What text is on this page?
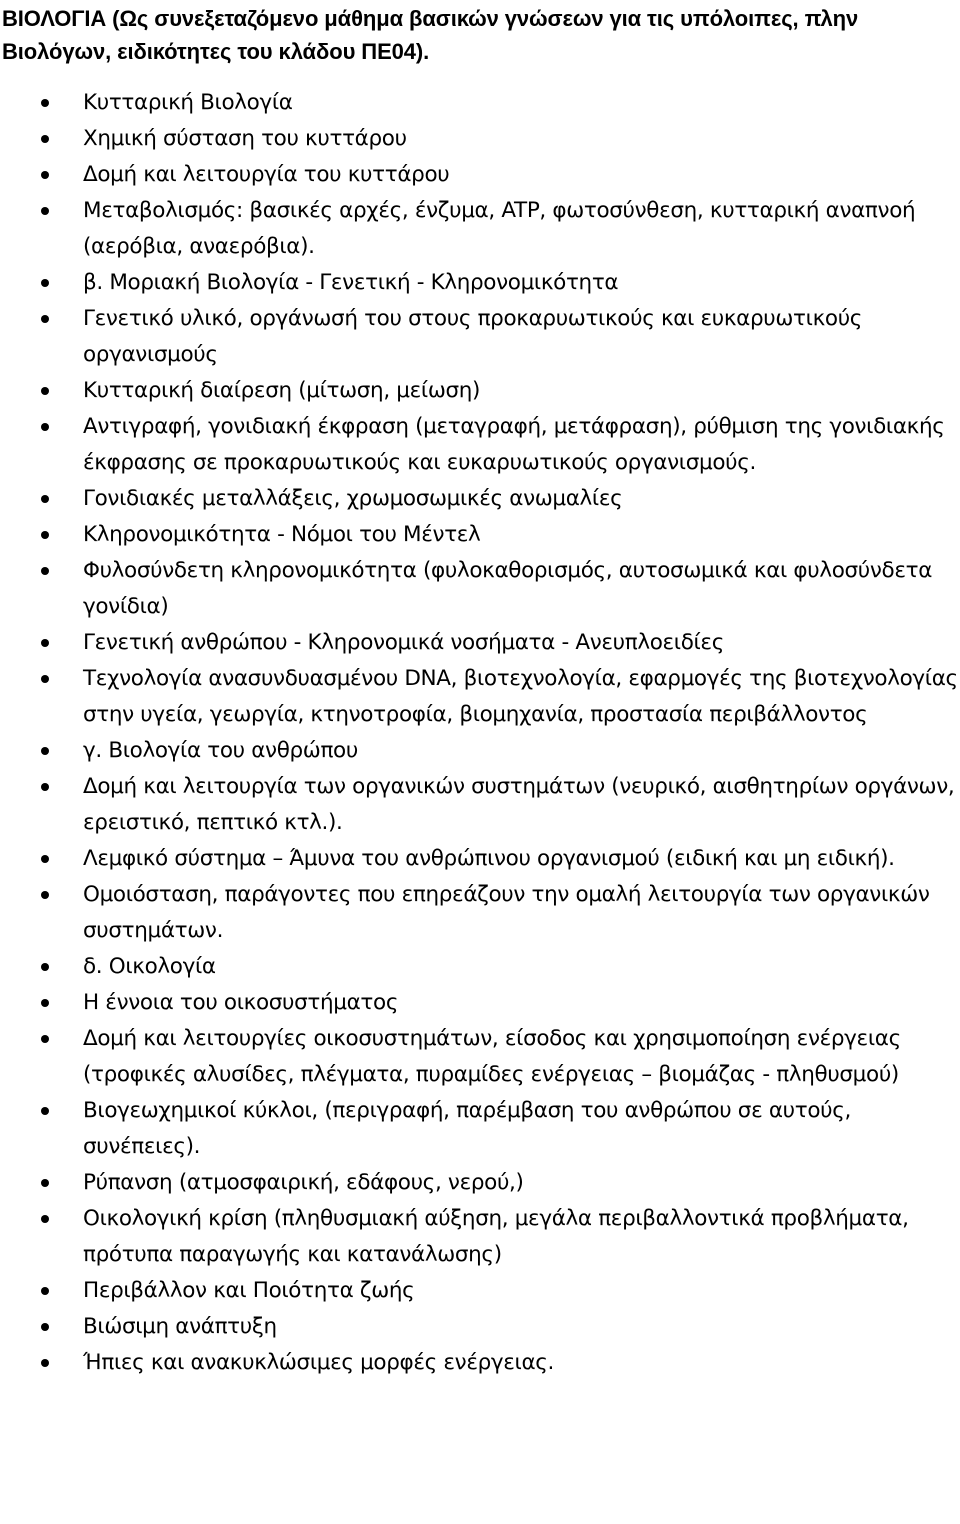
ΒΙΟΛΟΓΙΑ (Ως συνεξεταζόμενο μάθημα βασικών γνώσεων για τις υπόλοιπες, πλην Βιολόγων, ειδικότητες του κλάδου ΠΕ04).

Κυτταρική Βιολογία
Χημική σύσταση του κυττάρου
Δομή και λειτουργία του κυττάρου
Μεταβολισμός: βασικές αρχές, ένζυμα, ATP, φωτοσύνθεση, κυτταρική αναπνοή (αερόβια, αναερόβια).
β. Μοριακή Βιολογία - Γενετική - Κληρονομικότητα
Γενετικό υλικό, οργάνωσή του στους προκαρυωτικούς και ευκαρυωτικούς οργανισμούς
Κυτταρική διαίρεση (μίτωση, μείωση)
Αντιγραφή, γονιδιακή έκφραση (μεταγραφή, μετάφραση), ρύθμιση της γονιδιακής έκφρασης σε προκαρυωτικούς και ευκαρυωτικούς οργανισμούς.
Γονιδιακές μεταλλάξεις, χρωμοσωμικές ανωμαλίες
Κληρονομικότητα - Νόμοι του Μέντελ
Φυλοσύνδετη κληρονομικότητα (φυλοκαθορισμός, αυτοσωμικά και φυλοσύνδετα γονίδια)
Γενετική ανθρώπου - Κληρονομικά νοσήματα - Ανευπλοειδίες
Τεχνολογία ανασυνδυασμένου DNA, βιοτεχνολογία, εφαρμογές της βιοτεχνολογίας στην υγεία, γεωργία, κτηνοτροφία, βιομηχανία, προστασία περιβάλλοντος
γ. Βιολογία του ανθρώπου
Δομή και λειτουργία των οργανικών συστημάτων (νευρικό, αισθητηρίων οργάνων, ερειστικό, πεπτικό κτλ.).
Λεμφικό σύστημα – Άμυνα του ανθρώπινου οργανισμού (ειδική και μη ειδική).
Ομοιόσταση, παράγοντες που επηρεάζουν την ομαλή λειτουργία των οργανικών συστημάτων.
δ. Οικολογία
Η έννοια του οικοσυστήματος
Δομή και λειτουργίες οικοσυστημάτων, είσοδος και χρησιμοποίηση ενέργειας (τροφικές αλυσίδες, πλέγματα, πυραμίδες ενέργειας – βιομάζας - πληθυσμού)
Βιογεωχημικοί κύκλοι, (περιγραφή, παρέμβαση του ανθρώπου σε αυτούς, συνέπειες).
Ρύπανση (ατμοσφαιρική, εδάφους, νερού,)
Οικολογική κρίση (πληθυσμιακή αύξηση, μεγάλα περιβαλλοντικά προβλήματα, πρότυπα παραγωγής και κατανάλωσης)
Περιβάλλον και Ποιότητα ζωής
Βιώσιμη ανάπτυξη
Ήπιες και ανακυκλώσιμες μορφές ενέργειας.
